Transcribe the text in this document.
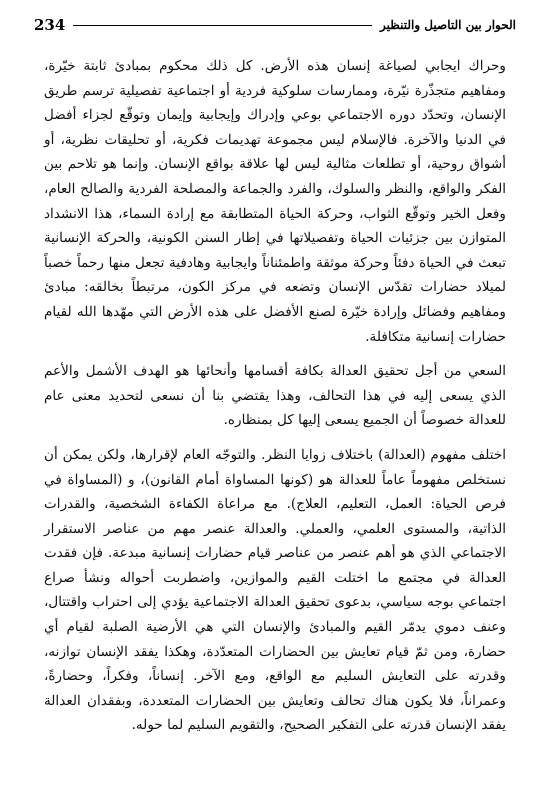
234	الحوار بين التاصيل والتنظير

وحراك ايجابي لصياغة إنسان هذه الأرض. كل ذلك محكوم بمبادئ ثابتة خيّرة، ومفاهيم متجذّرة نيّرة، وممارسات سلوكية فردية أو اجتماعية تفصيلية ترسم طريق الإنسان، وتحدّد دوره الاجتماعي بوعي وإدراك وإيجابية وإيمان وتوقّع لجزاء أفضل في الدنيا والآخرة. فالإسلام ليس مجموعة تهديمات فكرية، أو تحليقات نظرية، أو أشواق روحية، أو تطلعات مثالية ليس لها علاقة بواقع الإنسان. وإنما هو تلاحم بين الفكر والواقع، والنظر والسلوك، والفرد والجماعة والمصلحة الفردية والصالح العام، وفعل الخير وتوقّع الثواب، وحركة الحياة المتطابقة مع إرادة السماء، هذا الانشداد المتوازن بين جزئيات الحياة وتفصيلاتها في إطار السنن الكونية، والحركة الإنسانية تبعث في الحياة دفئاً وحركة موثقة واطمئناناً وايجابية وهادفية تجعل منها رحماً خصباً لميلاد حضارات تقدّس الإنسان وتضعه في مركز الكون، مرتبطاً بخالقه: مبادئ ومفاهيم وفضائل وإرادة خيّرة لصنع الأفضل على هذه الأرض التي مهّدها الله لقيام حضارات إنسانية متكافلة.

السعي من أجل تحقيق العدالة بكافة أقسامها وأنحائها هو الهدف الأشمل والأعم الذي يسعى إليه في هذا التحالف، وهذا يقتضي بنا أن نسعى لتحديد معنى عام للعدالة خصوصاً أن الجميع يسعى إليها كل بمنظاره.

اختلف مفهوم (العدالة) باختلاف زوايا النظر. والتوجّه العام لإقرارها، ولكن يمكن أن نستخلص مفهوماً عاماً للعدالة هو (كونها المساواة أمام القانون)، و (المساواة في فرص الحياة: العمل، التعليم، العلاج). مع مراعاة الكفاءة الشخصية، والقدرات الذاتية، والمستوى العلمي، والعملي. والعدالة عنصر مهم من عناصر الاستقرار الاجتماعي الذي هو أهم عنصر من عناصر قيام حضارات إنسانية مبدعة. فإن فقدت العدالة في مجتمع ما اختلت القيم والموازين، واضطربت أحواله ونشأ صراع اجتماعي بوجه سياسي، بدعوى تحقيق العدالة الاجتماعية يؤدي إلى احتراب واقتتال، وعنف دموي يدمّر القيم والمبادئ والإنسان التي هي الأرضية الصلبة لقيام أي حضارة، ومن ثمّ قيام تعايش بين الحضارات المتعدّدة، وهكذا يفقد الإنسان توازنه، وقدرته على التعايش السليم مع الواقع، ومع الآخر. إنساناً، وفكراً، وحضارةً، وعمراناً، فلا يكون هناك تحالف وتعايش بين الحضارات المتعددة، وبفقدان العدالة يفقد الإنسان قدرته على التفكير الصحيح، والتقويم السليم لما حوله.
